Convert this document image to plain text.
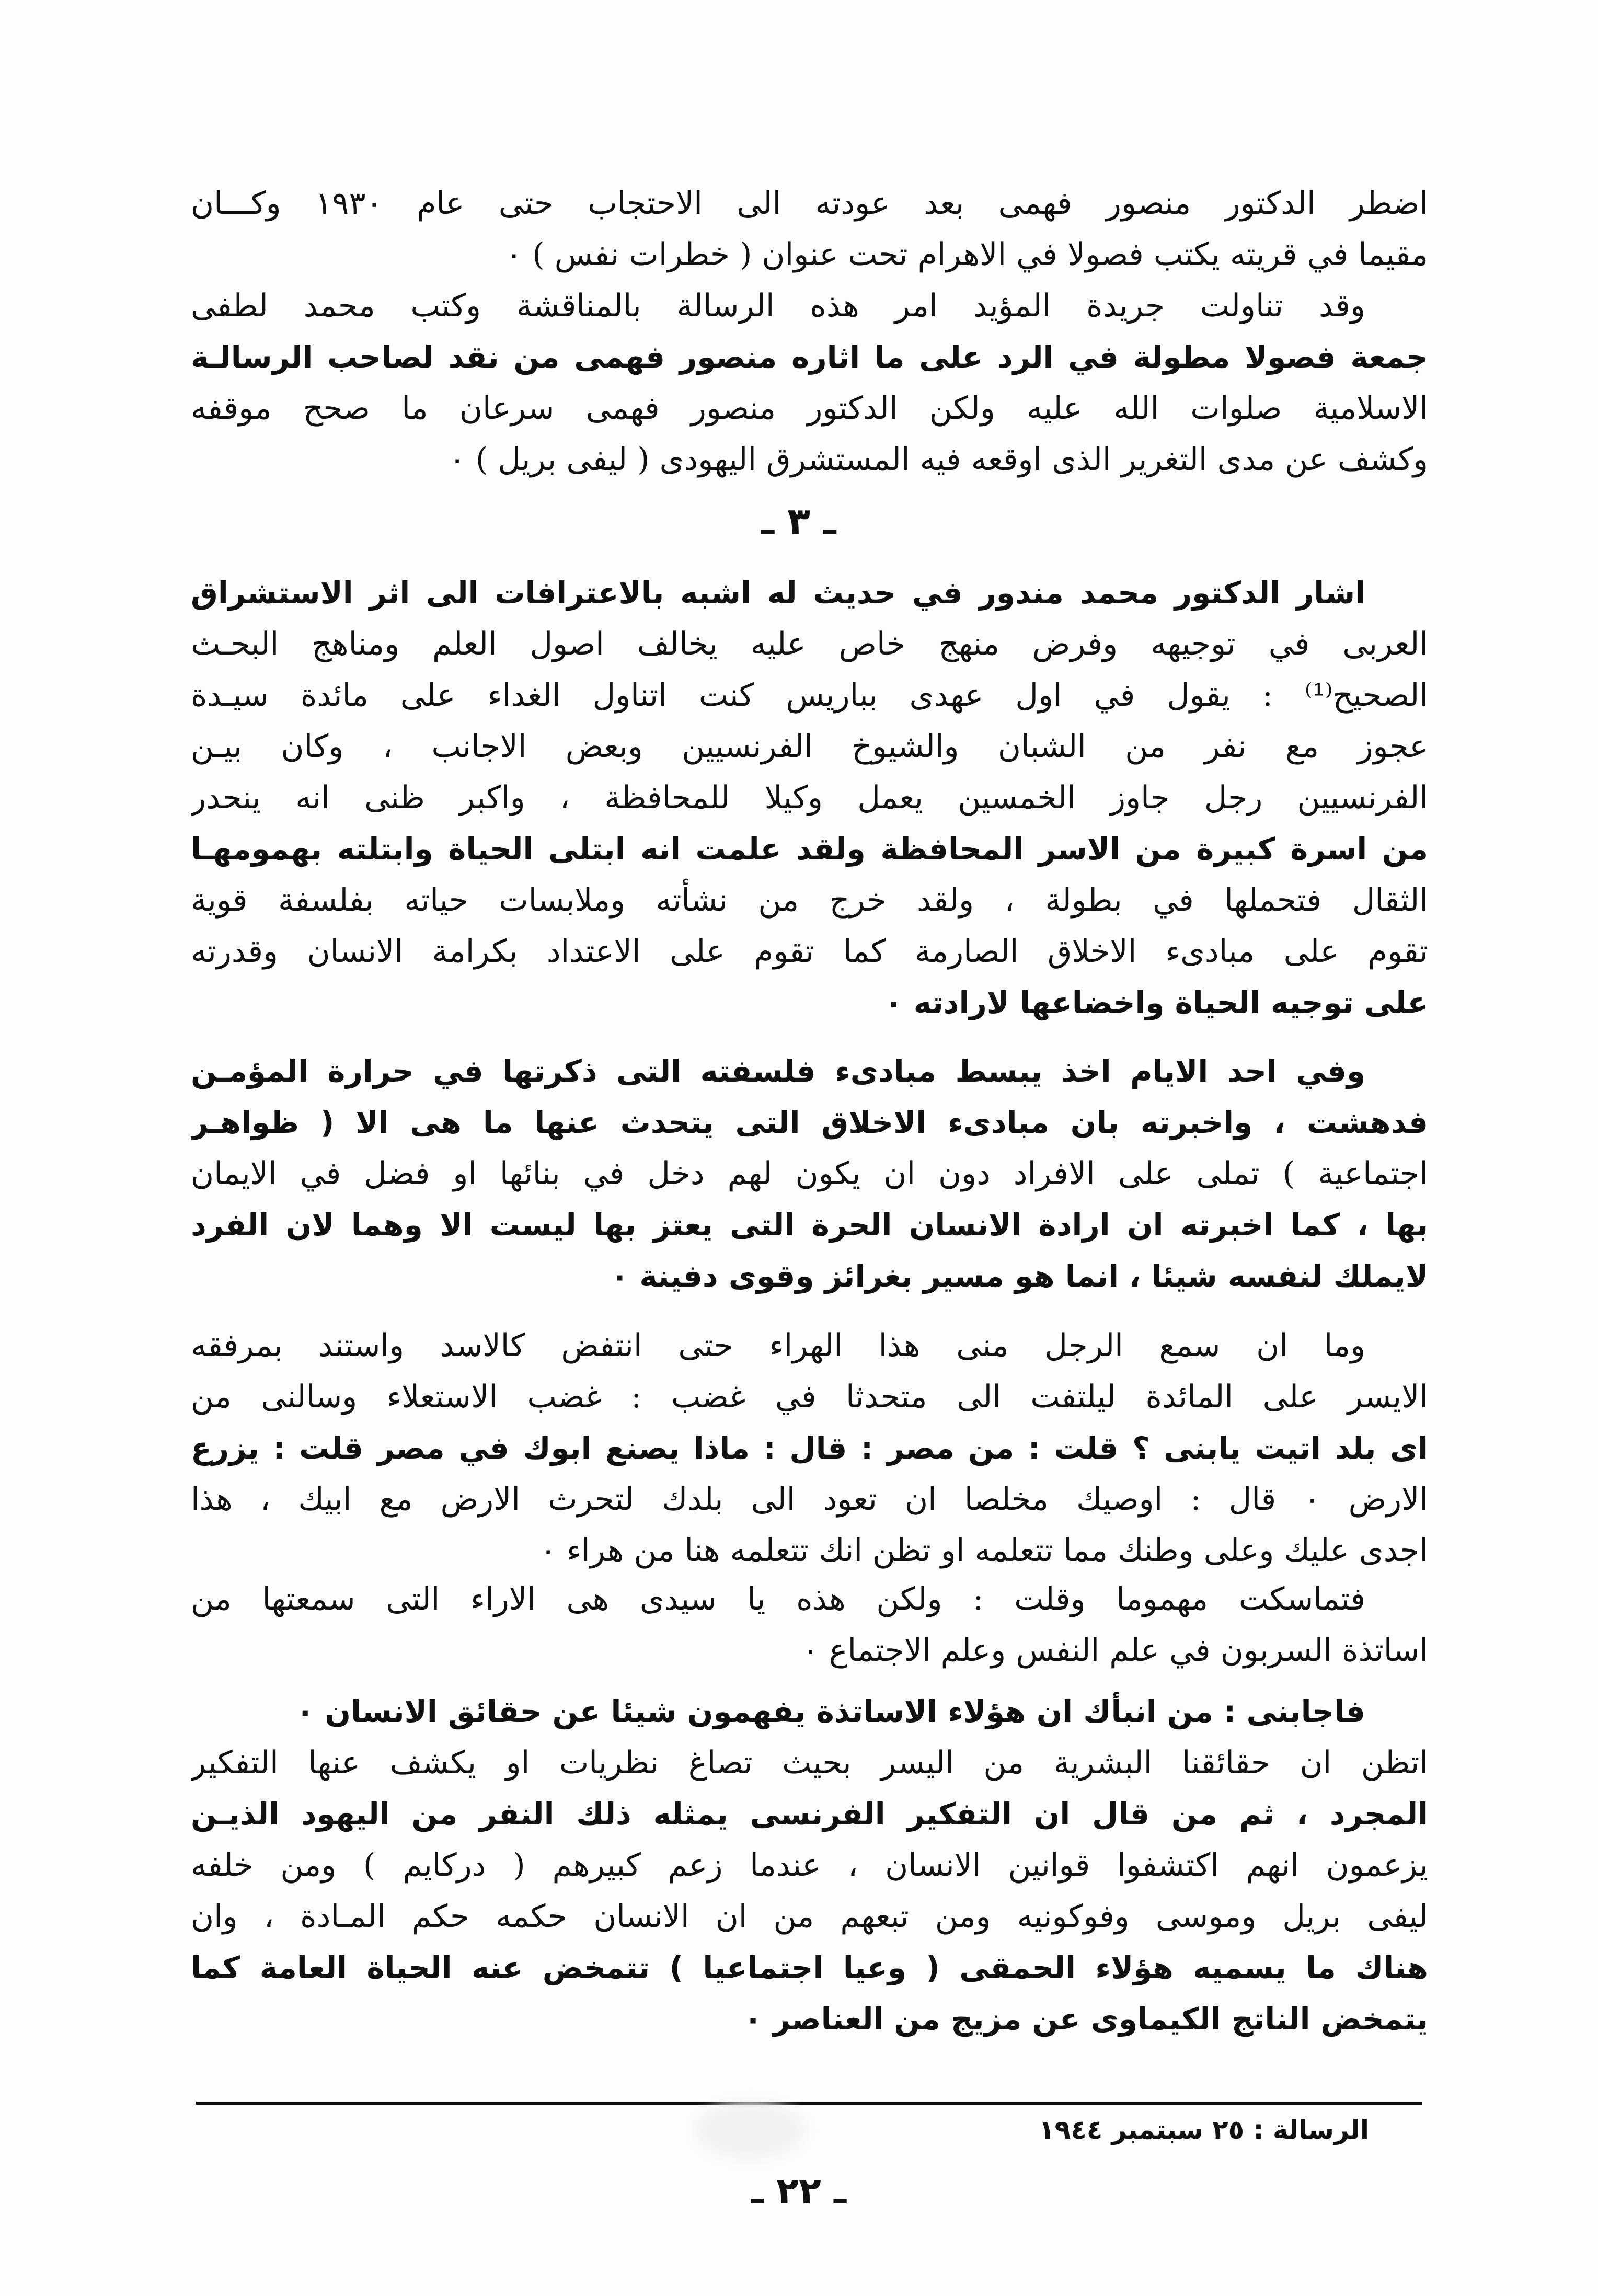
اضطر الدكتور منصور فهمى بعد عودته الى الاحتجاب حتى عام ١٩٣٠ وكـــان
مقيما في قريته يكتب فصولا في الاهرام تحت عنوان ( خطرات نفس ) ٠
وقد تناولت جريدة المؤيد امر هذه الرسالة بالمناقشة وكتب محمد لطفى
جمعة فصولا مطولة في الرد على ما اثاره منصور فهمى من نقد لصاحب الرسالـة
الاسلامية صلوات الله عليه ولكن الدكتور منصور فهمى سرعان ما صحح موقفه
وكشف عن مدى التغرير الذى اوقعه فيه المستشرق اليهودى ( ليفى بريل ) ٠
ـ ٣ ـ
اشار الدكتور محمد مندور في حديث له اشبه بالاعترافات الى اثر الاستشراق
العربى في توجيهه وفرض منهج خاص عليه يخالف اصول العلم ومناهج البحـث
الصحيح⁽¹⁾ : يقول في اول عهدى بباريس كنت اتناول الغداء على مائدة سيـدة
عجوز مع نفر من الشبان والشيوخ الفرنسيين وبعض الاجانب ، وكان بيـن
الفرنسيين رجل جاوز الخمسين يعمل وكيلا للمحافظة ، واكبر ظنى انه ينحدر
من اسرة كبيرة من الاسر المحافظة ولقد علمت انه ابتلى الحياة وابتلته بهمومهـا
الثقال فتحملها في بطولة ، ولقد خرج من نشأته وملابسات حياته بفلسفة قوية
تقوم على مبادىء الاخلاق الصارمة كما تقوم على الاعتداد بكرامة الانسان وقدرته
على توجيه الحياة واخضاعها لارادته ٠
وفي احد الايام اخذ يبسط مبادىء فلسفته التى ذكرتها في حرارة المؤمـن
فدهشت ، واخبرته بان مبادىء الاخلاق التى يتحدث عنها ما هى الا ( ظواهـر
اجتماعية ) تملى على الافراد دون ان يكون لهم دخل في بنائها او فضل في الايمان
بها ، كما اخبرته ان ارادة الانسان الحرة التى يعتز بها ليست الا وهما لان الفرد
لايملك لنفسه شيئا ، انما هو مسير بغرائز وقوى دفينة ٠
وما ان سمع الرجل منى هذا الهراء حتى انتفض كالاسد واستند بمرفقه
الايسر على المائدة ليلتفت الى متحدثا في غضب : غضب الاستعلاء وسالنى من
اى بلد اتيت يابنى ؟ قلت : من مصر : قال : ماذا يصنع ابوك في مصر قلت : يزرع
الارض ٠ قال : اوصيك مخلصا ان تعود الى بلدك لتحرث الارض مع ابيك ، هذا
اجدى عليك وعلى وطنك مما تتعلمه او تظن انك تتعلمه هنا من هراء ٠
فتماسكت مهموما وقلت : ولكن هذه يا سيدى هى الاراء التى سمعتها من
اساتذة السربون في علم النفس وعلم الاجتماع ٠
فاجابنى : من انبأك ان هؤلاء الاساتذة يفهمون شيئا عن حقائق الانسان ٠
اتظن ان حقائقنا البشرية من اليسر بحيث تصاغ نظريات او يكشف عنها التفكير
المجرد ، ثم من قال ان التفكير الفرنسى يمثله ذلك النفر من اليهود الذيـن
يزعمون انهم اكتشفوا قوانين الانسان ، عندما زعم كبيرهم ( دركايم ) ومن خلفه
ليفى بريل وموسى وفوكونيه ومن تبعهم من ان الانسان حكمه حكم المـادة ، وان
هناك ما يسميه هؤلاء الحمقى ( وعيا اجتماعيا ) تتمخض عنه الحياة العامة كما
يتمخض الناتج الكيماوى عن مزيج من العناصر ٠
الرسالة : ٢٥ سبتمبر ١٩٤٤
ـ ٢٢ ـ
